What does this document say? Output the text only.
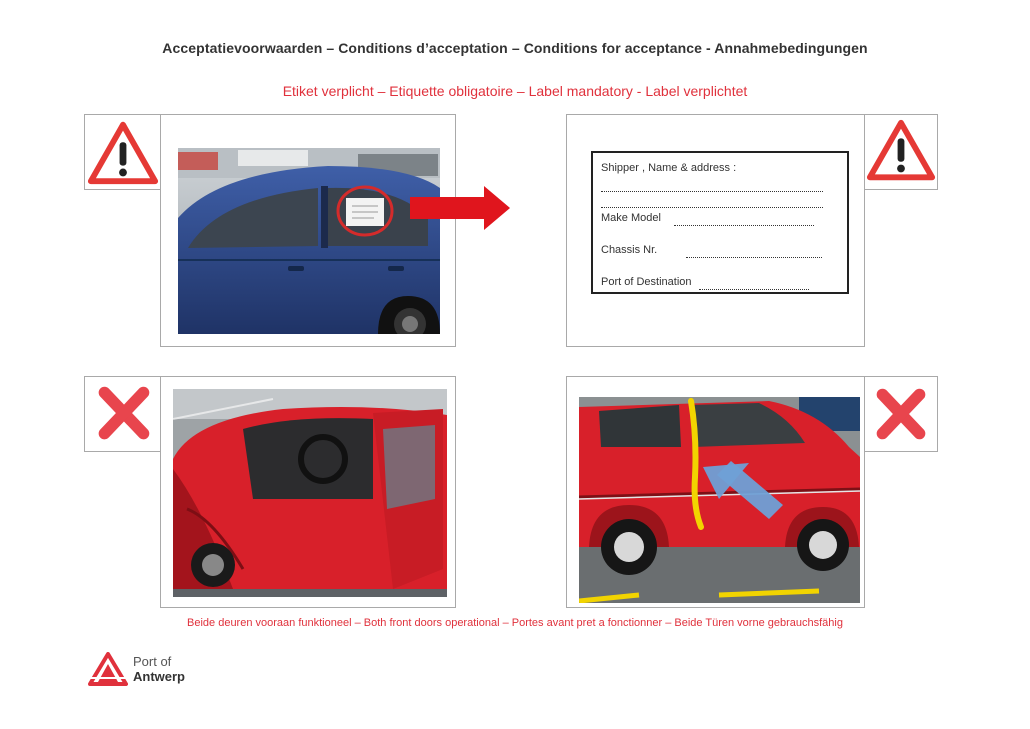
Acceptatievoorwaarden – Conditions d’acceptation – Conditions for acceptance - Annahmebedingungen
Etiket verplicht – Etiquette obligatoire – Label mandatory - Label verplichtet
Shipper , Name & address :
Make Model
Chassis Nr.
Port of Destination
Beide deuren vooraan funktioneel – Both front doors operational – Portes avant pret a fonctionner – Beide Türen vorne gebrauchsfähig
Port of
Antwerp
